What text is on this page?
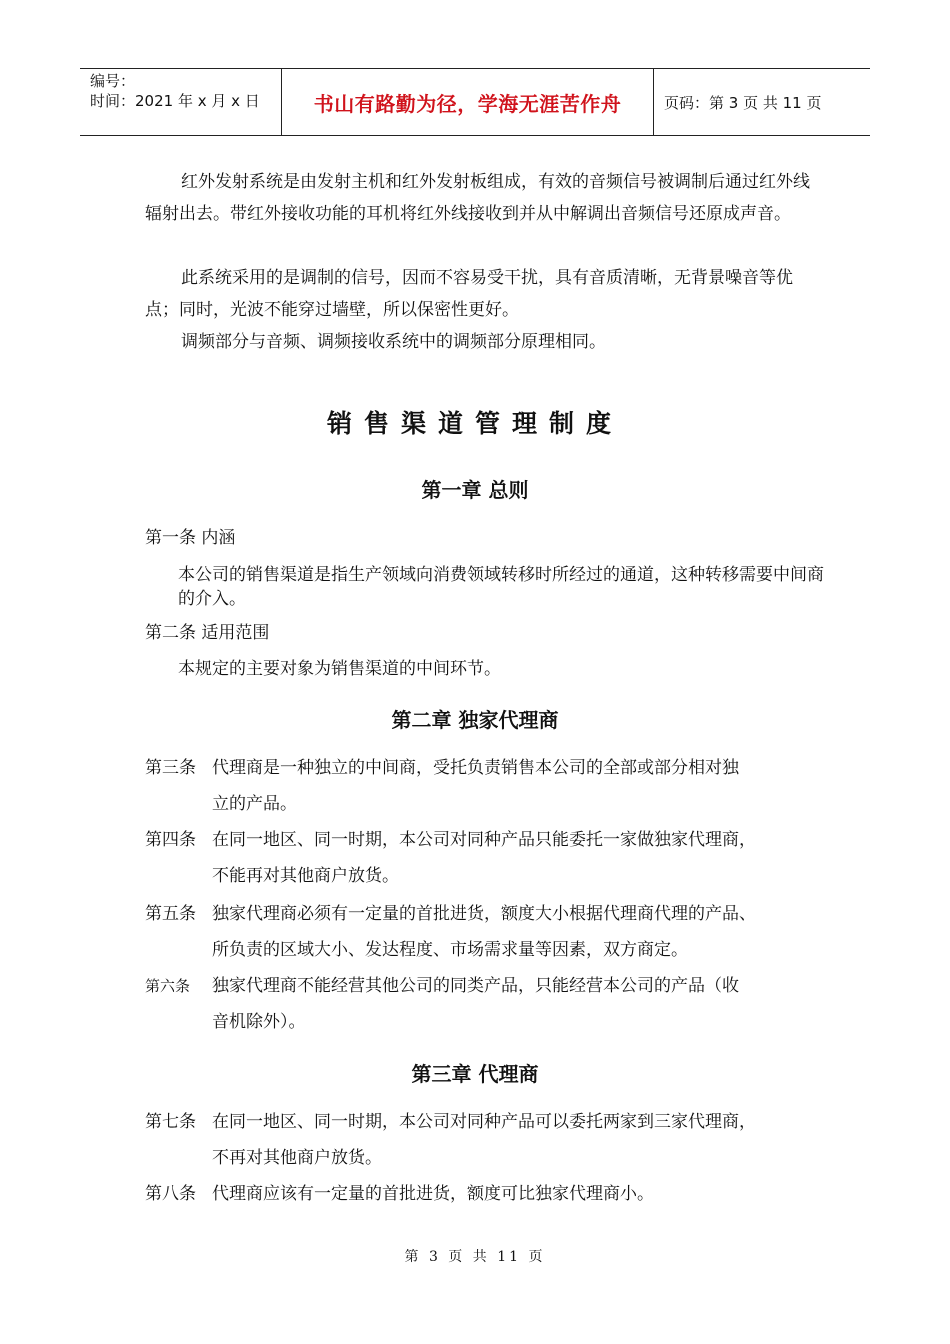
编号：
时间：2021 年 x 月 x 日	书山有路勤为径，学海无涯苦作舟	页码：第 3 页 共 11 页

红外发射系统是由发射主机和红外发射板组成，有效的音频信号被调制后通过红外线辐射出去。带红外接收功能的耳机将红外线接收到并从中解调出音频信号还原成声音。

此系统采用的是调制的信号，因而不容易受干扰，具有音质清晰，无背景噪音等优点；同时，光波不能穿过墙壁，所以保密性更好。

调频部分与音频、调频接收系统中的调频部分原理相同。

销售渠道管理制度
第一章 总则

第一条 内涵

本公司的销售渠道是指生产领域向消费领域转移时所经过的通道，这种转移需要中间商的介入。

第二条 适用范围

本规定的主要对象为销售渠道的中间环节。

第二章 独家代理商
第三条 代理商是一种独立的中间商，受托负责销售本公司的全部或部分相对独
立的产品。
第四条 在同一地区、同一时期，本公司对同种产品只能委托一家做独家代理商，
不能再对其他商户放货。
第五条 独家代理商必须有一定量的首批进货，额度大小根据代理商代理的产品、
所负责的区域大小、发达程度、市场需求量等因素，双方商定。
第六条	独家代理商不能经营其他公司的同类产品，只能经营本公司的产品（收
音机除外）。
第三章 代理商
第七条 在同一地区、同一时期，本公司对同种产品可以委托两家到三家代理商，
不再对其他商户放货。
第八条 代理商应该有一定量的首批进货，额度可比独家代理商小。
第 3 页 共 11 页
